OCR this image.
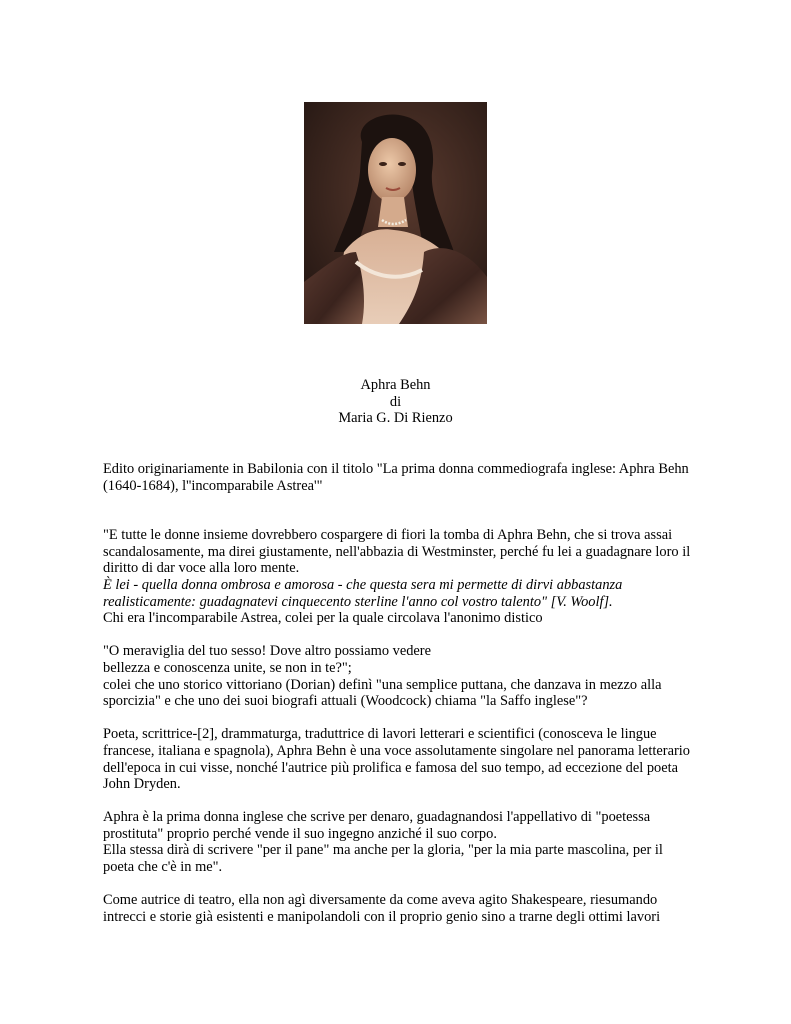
Aphra Behn
di
Maria G. Di Rienzo

Edito originariamente in Babilonia con il titolo "La prima donna commediografa inglese: Aphra Behn (1640-1684), l''incomparabile Astrea'"

"E tutte le donne insieme dovrebbero cospargere di fiori la tomba di Aphra Behn, che si trova assai scandalosamente, ma direi giustamente, nell'abbazia di Westminster, perché fu lei a guadagnare loro il diritto di dar voce alla loro mente.

È lei - quella donna ombrosa e amorosa - che questa sera mi permette di dirvi abbastanza realisticamente: guadagnatevi cinquecento sterline l'anno col vostro talento" [V. Woolf].

Chi era l'incomparabile Astrea, colei per la quale circolava l'anonimo distico

"O meraviglia del tuo sesso! Dove altro possiamo vedere

bellezza e conoscenza unite, se non in te?";

colei che uno storico vittoriano (Dorian) definì "una semplice puttana, che danzava in mezzo alla sporcizia" e che uno dei suoi biografi attuali (Woodcock) chiama "la Saffo inglese"?

Poeta, scrittrice-[2], drammaturga, traduttrice di lavori letterari e scientifici (conosceva le lingue francese, italiana e spagnola), Aphra Behn è una voce assolutamente singolare nel panorama letterario dell'epoca in cui visse, nonché l'autrice più prolifica e famosa del suo tempo, ad eccezione del poeta John Dryden.

Aphra è la prima donna inglese che scrive per denaro, guadagnandosi l'appellativo di "poetessa prostituta" proprio perché vende il suo ingegno anziché il suo corpo.

Ella stessa dirà di scrivere "per il pane" ma anche per la gloria, "per la mia parte mascolina, per il poeta che c'è in me".

Come autrice di teatro, ella non agì diversamente da come aveva agito Shakespeare, riesumando intrecci e storie già esistenti e manipolandoli con il proprio genio sino a trarne degli ottimi lavori
